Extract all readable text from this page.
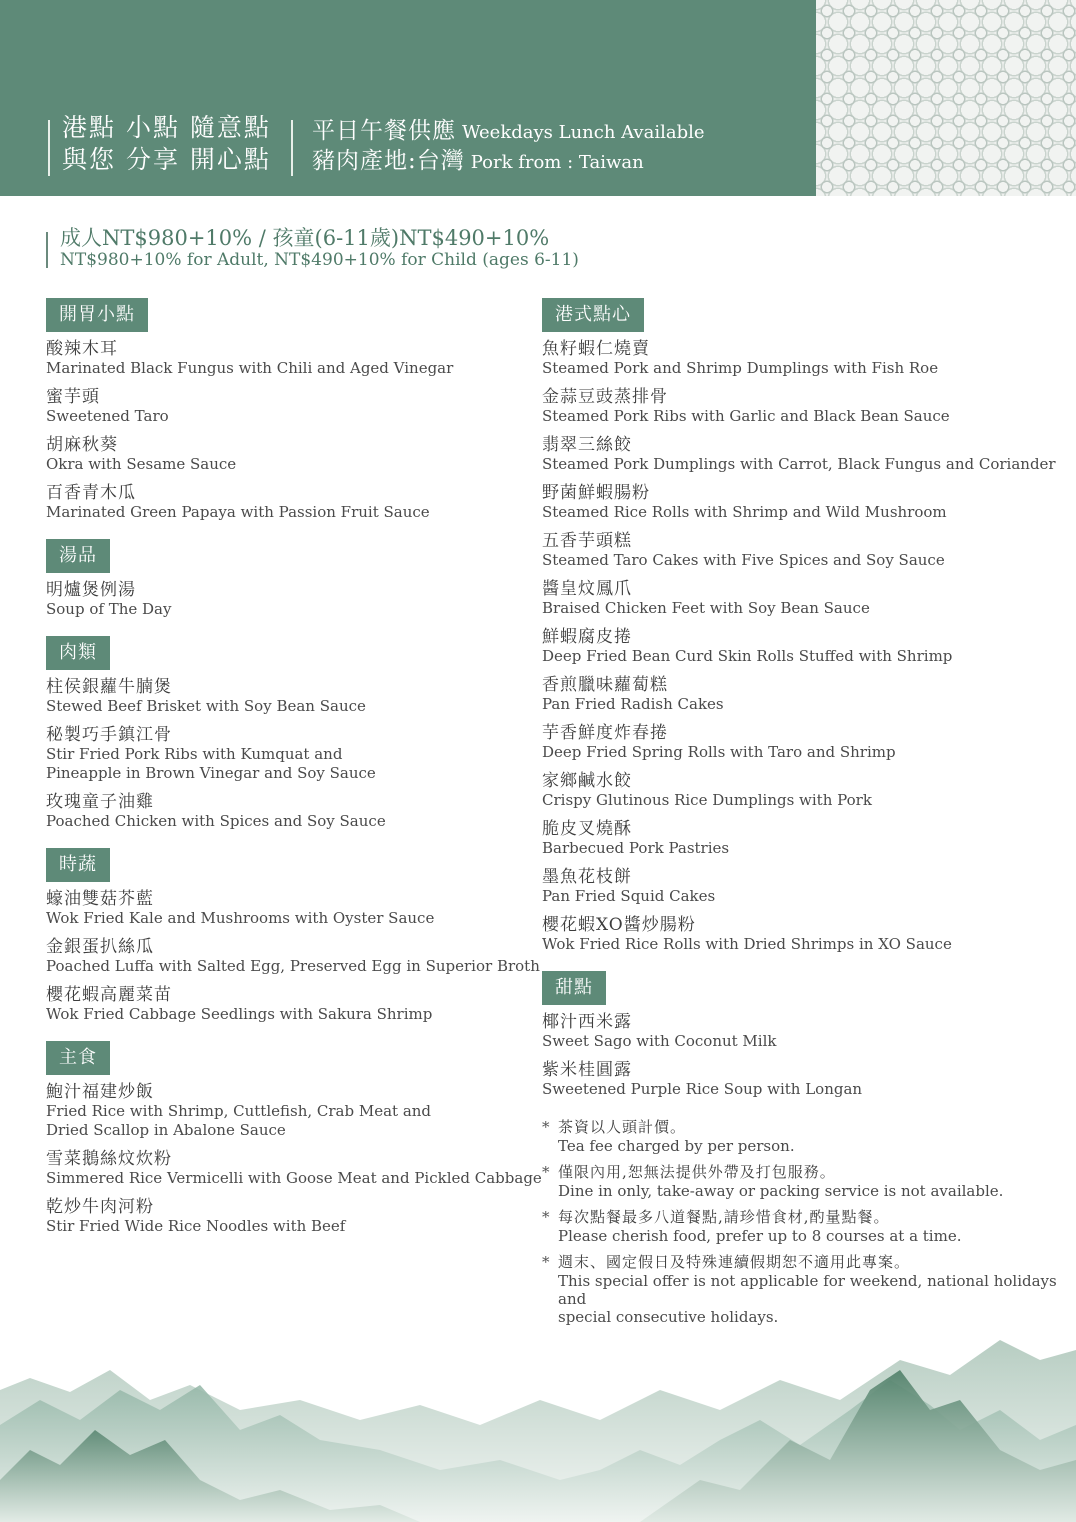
港點 小點 隨意點
與您 分享 開心點
平日午餐供應 Weekdays Lunch Available
豬肉產地:台灣 Pork from : Taiwan
成人NT$980+10% / 孩童(6-11歲)NT$490+10%
NT$980+10% for Adult, NT$490+10% for Child (ages 6-11)
開胃小點
酸辣木耳
Marinated Black Fungus with Chili and Aged Vinegar
蜜芋頭
Sweetened Taro
胡麻秋葵
Okra with Sesame Sauce
百香青木瓜
Marinated Green Papaya with Passion Fruit Sauce
湯品
明爐煲例湯
Soup of The Day
肉類
柱侯銀蘿牛腩煲
Stewed Beef Brisket with Soy Bean Sauce
秘製巧手鎮江骨
Stir Fried Pork Ribs with Kumquat and
Pineapple in Brown Vinegar and Soy Sauce
玫瑰童子油雞
Poached Chicken with Spices and Soy Sauce
時蔬
蠔油雙菇芥藍
Wok Fried Kale and Mushrooms with Oyster Sauce
金銀蛋扒絲瓜
Poached Luffa with Salted Egg, Preserved Egg in Superior Broth
櫻花蝦高麗菜苗
Wok Fried Cabbage Seedlings with Sakura Shrimp
主食
鮑汁福建炒飯
Fried Rice with Shrimp, Cuttlefish, Crab Meat and
Dried Scallop in Abalone Sauce
雪菜鵝絲炆炊粉
Simmered Rice Vermicelli with Goose Meat and Pickled Cabbage
乾炒牛肉河粉
Stir Fried Wide Rice Noodles with Beef
港式點心
魚籽蝦仁燒賣
Steamed Pork and Shrimp Dumplings with Fish Roe
金蒜豆豉蒸排骨
Steamed Pork Ribs with Garlic and Black Bean Sauce
翡翠三絲餃
Steamed Pork Dumplings with Carrot, Black Fungus and Coriander
野菌鮮蝦腸粉
Steamed Rice Rolls with Shrimp and Wild Mushroom
五香芋頭糕
Steamed Taro Cakes with Five Spices and Soy Sauce
醬皇炆鳳爪
Braised Chicken Feet with Soy Bean Sauce
鮮蝦腐皮捲
Deep Fried Bean Curd Skin Rolls Stuffed with Shrimp
香煎臘味蘿蔔糕
Pan Fried Radish Cakes
芋香鮮度炸春捲
Deep Fried Spring Rolls with Taro and Shrimp
家鄉鹹水餃
Crispy Glutinous Rice Dumplings with Pork
脆皮叉燒酥
Barbecued Pork Pastries
墨魚花枝餅
Pan Fried Squid Cakes
櫻花蝦XO醬炒腸粉
Wok Fried Rice Rolls with Dried Shrimps in XO Sauce
甜點
椰汁西米露
Sweet Sago with Coconut Milk
紫米桂圓露
Sweetened Purple Rice Soup with Longan
* 茶資以人頭計價。
Tea fee charged by per person.
* 僅限內用,恕無法提供外帶及打包服務。
Dine in only, take-away or packing service is not available.
* 每次點餐最多八道餐點,請珍惜食材,酌量點餐。
Please cherish food, prefer up to 8 courses at a time.
* 週末、國定假日及特殊連續假期恕不適用此專案。
This special offer is not applicable for weekend, national holidays and
special consecutive holidays.
